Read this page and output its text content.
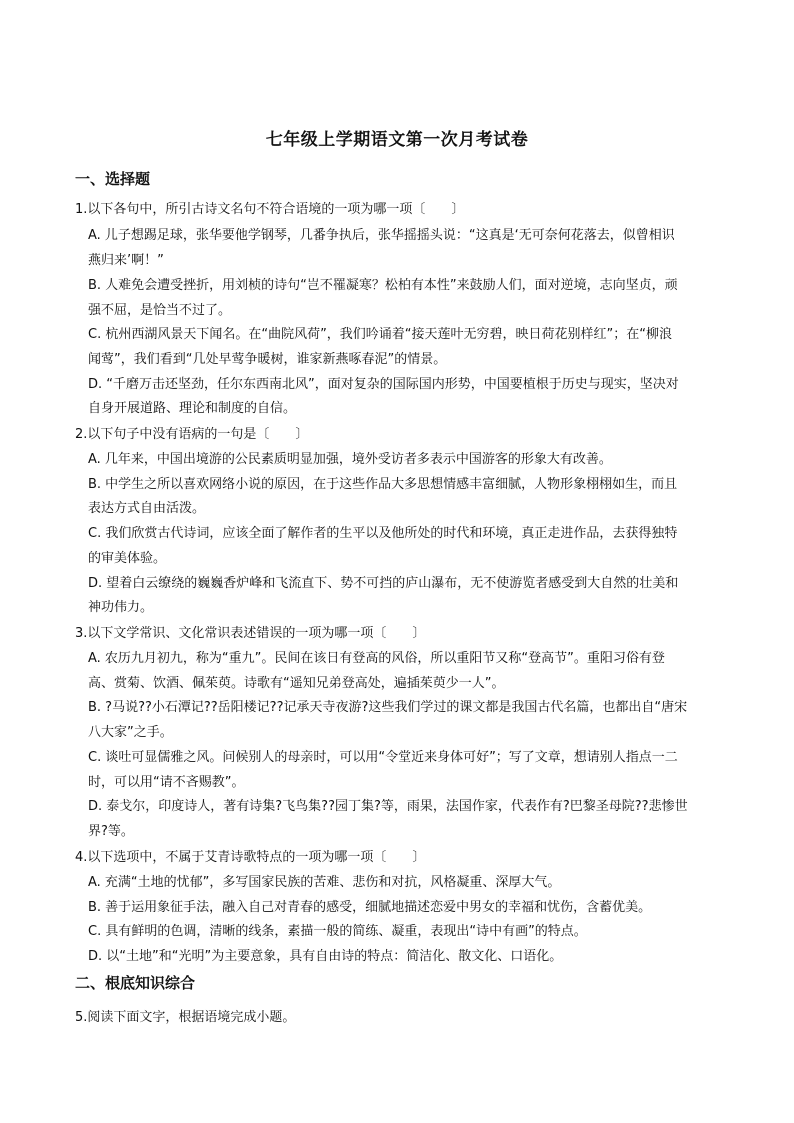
七年级上学期语文第一次月考试卷
一、选择题
1.以下各句中，所引古诗文名句不符合语境的一项为哪一项〔　　〕
A. 儿子想踢足球，张华要他学钢琴，几番争执后，张华摇摇头说：“这真是‘无可奈何花落去，似曾相识
燕归来’啊！”
B. 人难免会遭受挫折，用刘桢的诗句“岂不罹凝寒？松柏有本性”来鼓励人们，面对逆境，志向坚贞，顽
强不屈，是恰当不过了。
C. 杭州西湖风景天下闻名。在“曲院风荷”，我们吟诵着“接天莲叶无穷碧，映日荷花别样红”；在“柳浪
闻莺”，我们看到“几处早莺争暖树，谁家新燕啄春泥”的情景。
D. “千磨万击还坚劲，任尔东西南北风”，面对复杂的国际国内形势，中国要植根于历史与现实，坚决对
自身开展道路、理论和制度的自信。
2.以下句子中没有语病的一句是〔　　〕
A. 几年来，中国出境游的公民素质明显加强，境外受访者多表示中国游客的形象大有改善。
B. 中学生之所以喜欢网络小说的原因，在于这些作品大多思想情感丰富细腻，人物形象栩栩如生，而且
表达方式自由活泼。
C. 我们欣赏古代诗词，应该全面了解作者的生平以及他所处的时代和环境，真正走进作品，去获得独特
的审美体验。
D. 望着白云缭绕的巍巍香炉峰和飞流直下、势不可挡的庐山瀑布，无不使游览者感受到大自然的壮美和
神功伟力。
3.以下文学常识、文化常识表述错误的一项为哪一项〔　　〕
A. 农历九月初九，称为“重九”。民间在该日有登高的风俗，所以重阳节又称“登高节”。重阳习俗有登
高、赏菊、饮酒、佩茱萸。诗歌有“遥知兄弟登高处，遍插茱萸少一人”。
B. ?马说??小石潭记??岳阳楼记??记承天寺夜游?这些我们学过的课文都是我国古代名篇，也都出自“唐宋
八大家”之手。
C. 谈吐可显儒雅之风。问候别人的母亲时，可以用“令堂近来身体可好”；写了文章，想请别人指点一二
时，可以用“请不吝赐教”。
D. 泰戈尔，印度诗人，著有诗集?飞鸟集??园丁集?等，雨果，法国作家，代表作有?巴黎圣母院??悲惨世
界?等。
4.以下选项中，不属于艾青诗歌特点的一项为哪一项〔　　〕
A. 充满“土地的忧郁”，多写国家民族的苦难、悲伤和对抗，风格凝重、深厚大气。
B. 善于运用象征手法，融入自己对青春的感受，细腻地描述恋爱中男女的幸福和忧伤，含蓄优美。
C. 具有鲜明的色调，清晰的线条，素描一般的简练、凝重，表现出“诗中有画”的特点。
D. 以“土地”和“光明”为主要意象，具有自由诗的特点：简洁化、散文化、口语化。
二、根底知识综合
5.阅读下面文字，根据语境完成小题。
